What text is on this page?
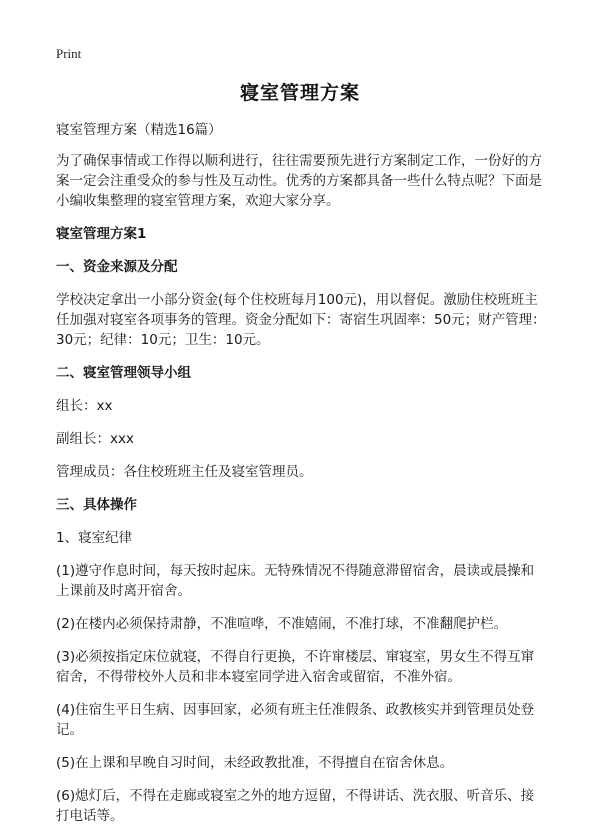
Print
寝室管理方案

寝室管理方案（精选16篇）

为了确保事情或工作得以顺利进行，往往需要预先进行方案制定工作，一份好的方案一定会注重受众的参与性及互动性。优秀的方案都具备一些什么特点呢？下面是小编收集整理的寝室管理方案，欢迎大家分享。

寝室管理方案1

一、资金来源及分配

学校决定拿出一小部分资金(每个住校班每月100元)，用以督促。激励住校班班主任加强对寝室各项事务的管理。资金分配如下：寄宿生巩固率：50元；财产管理：30元；纪律：10元；卫生：10元。

二、寝室管理领导小组

组长：xx

副组长：xxx

管理成员：各住校班班主任及寝室管理员。

三、具体操作

1、寝室纪律

(1)遵守作息时间，每天按时起床。无特殊情况不得随意滞留宿舍，晨读或晨操和上课前及时离开宿舍。

(2)在楼内必须保持肃静，不准喧哗，不准嬉闹，不准打球，不准翻爬护栏。

(3)必须按指定床位就寝，不得自行更换，不许窜楼层、窜寝室，男女生不得互窜宿舍，不得带校外人员和非本寝室同学进入宿舍或留宿，不准外宿。

(4)住宿生平日生病、因事回家，必须有班主任准假条、政教核实并到管理员处登记。

(5)在上课和早晚自习时间，未经政教批准，不得擅自在宿舍休息。

(6)熄灯后，不得在走廊或寝室之外的地方逗留，不得讲话、洗衣服、听音乐、接打电话等。
